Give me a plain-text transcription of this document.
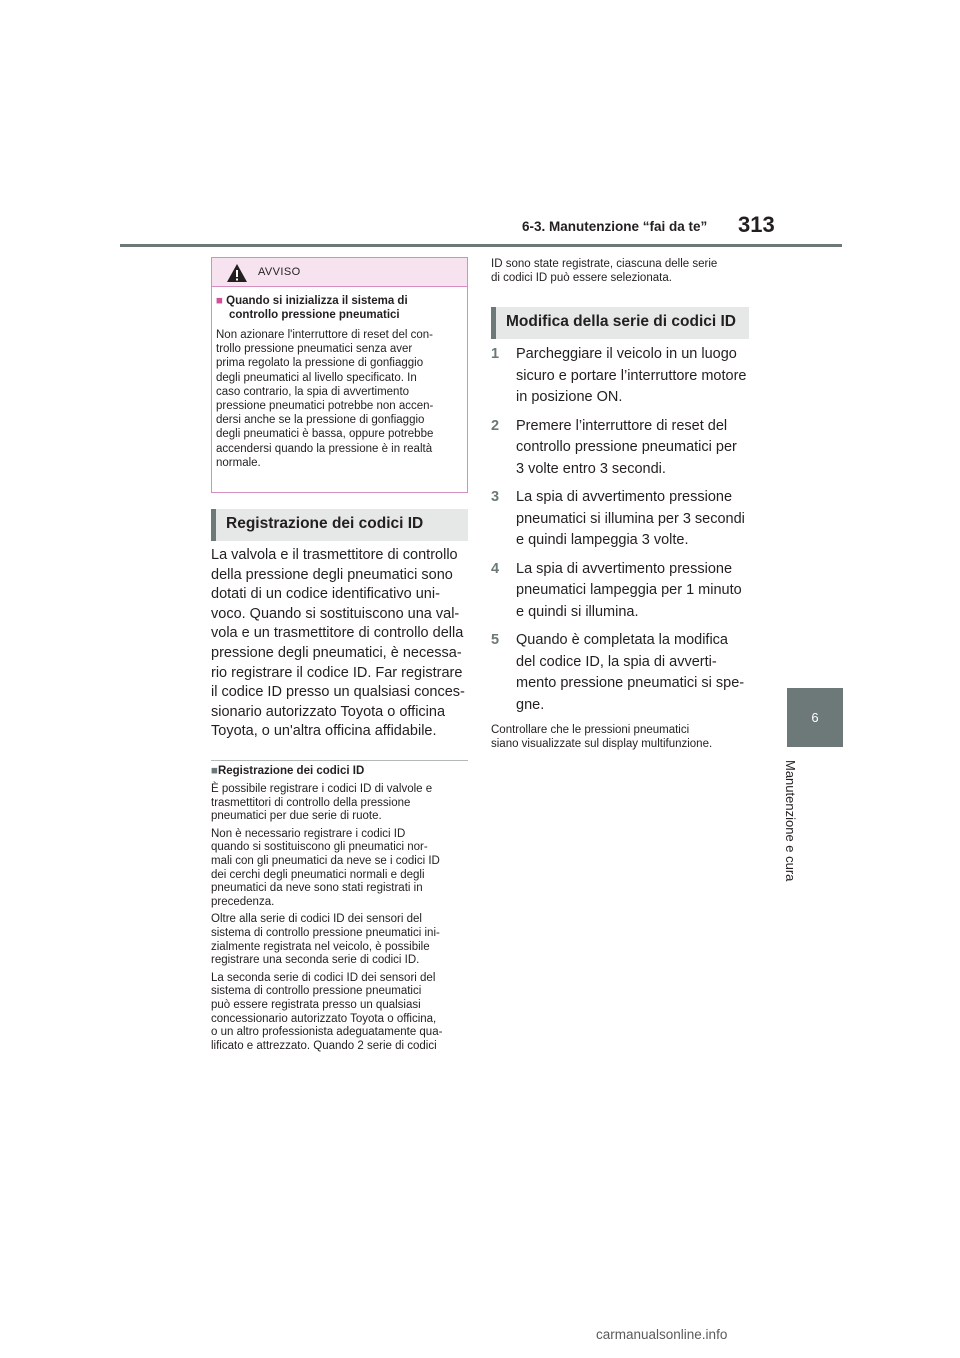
6-3. Manutenzione “fai da te” 313
6
Manutenzione e cura
AVVISO
■ Quando si inizializza il sistema di
controllo pressione pneumatici
Non azionare l'interruttore di reset del con-
trollo pressione pneumatici senza aver
prima regolato la pressione di gonfiaggio
degli pneumatici al livello specificato. In
caso contrario, la spia di avvertimento
pressione pneumatici potrebbe non accen-
dersi anche se la pressione di gonfiaggio
degli pneumatici è bassa, oppure potrebbe
accendersi quando la pressione è in realtà
normale.
Registrazione dei codici ID
La valvola e il trasmettitore di controllo
della pressione degli pneumatici sono
dotati di un codice identificativo uni-
voco. Quando si sostituiscono una val-
vola e un trasmettitore di controllo della
pressione degli pneumatici, è necessa-
rio registrare il codice ID. Far registrare
il codice ID presso un qualsiasi conces-
sionario autorizzato Toyota o officina
Toyota, o un'altra officina affidabile.
■Registrazione dei codici ID
È possibile registrare i codici ID di valvole e
trasmettitori di controllo della pressione
pneumatici per due serie di ruote.
Non è necessario registrare i codici ID
quando si sostituiscono gli pneumatici nor-
mali con gli pneumatici da neve se i codici ID
dei cerchi degli pneumatici normali e degli
pneumatici da neve sono stati registrati in
precedenza.
Oltre alla serie di codici ID dei sensori del
sistema di controllo pressione pneumatici ini-
zialmente registrata nel veicolo, è possibile
registrare una seconda serie di codici ID.
La seconda serie di codici ID dei sensori del
sistema di controllo pressione pneumatici
può essere registrata presso un qualsiasi
concessionario autorizzato Toyota o officina,
o un altro professionista adeguatamente qua-
lificato e attrezzato. Quando 2 serie di codici
ID sono state registrate, ciascuna delle serie
di codici ID può essere selezionata.
Modifica della serie di codici ID
1 Parcheggiare il veicolo in un luogo
sicuro e portare l’interruttore motore
in posizione ON.
2 Premere l’interruttore di reset del
controllo pressione pneumatici per
3 volte entro 3 secondi.
3 La spia di avvertimento pressione
pneumatici si illumina per 3 secondi
e quindi lampeggia 3 volte.
4 La spia di avvertimento pressione
pneumatici lampeggia per 1 minuto
e quindi si illumina.
5 Quando è completata la modifica
del codice ID, la spia di avverti-
mento pressione pneumatici si spe-
gne.
Controllare che le pressioni pneumatici
siano visualizzate sul display multifunzione.
carmanualsonline.info
